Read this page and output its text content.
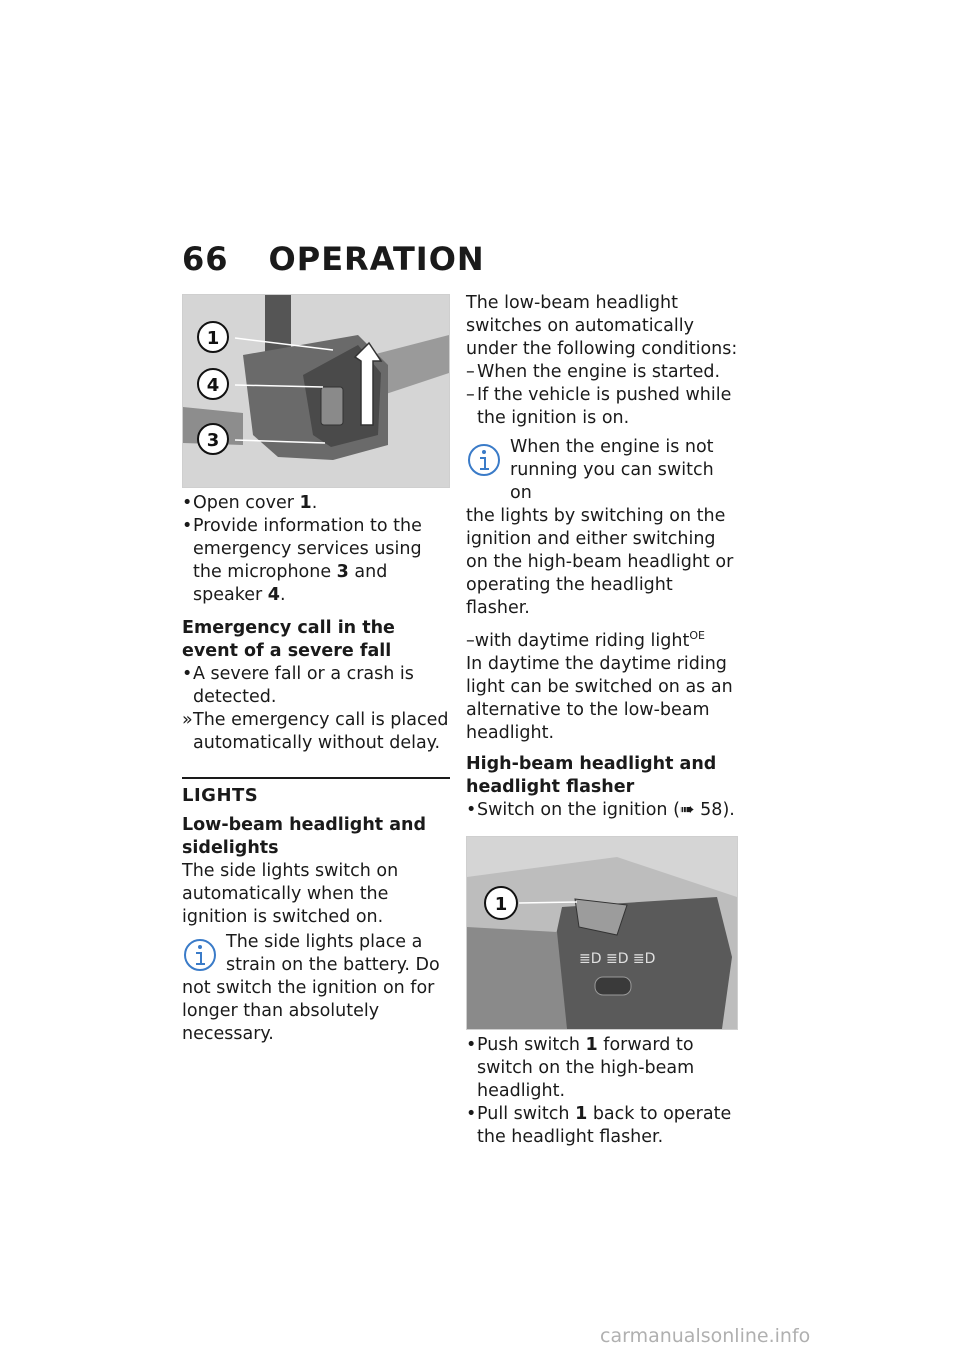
66 OPERATION
1
4
3
• Open cover 1.
• Provide information to the emergency services using the microphone 3 and speaker 4.
Emergency call in the event of a severe fall
• A severe fall or a crash is detected.
» The emergency call is placed automatically without delay.
LIGHTS
Low-beam headlight and sidelights
The side lights switch on automatically when the ignition is switched on.
The side lights place a strain on the battery. Do
not switch the ignition on for longer than absolutely necessary.
The low-beam headlight switches on automatically under the following conditions:
– When the engine is started.
– If the vehicle is pushed while the ignition is on.
When the engine is not running you can switch on
the lights by switching on the ignition and either switching on the high-beam headlight or operating the headlight flasher.
–with daytime riding light$^{OE}$
In daytime the daytime riding light can be switched on as an alternative to the low-beam headlight.
High-beam headlight and headlight flasher
• Switch on the ignition (➠ 58).
≣D ≣D ≣D
1
• Push switch 1 forward to switch on the high-beam headlight.
• Pull switch 1 back to operate the headlight flasher.
carmanualsonline.info
